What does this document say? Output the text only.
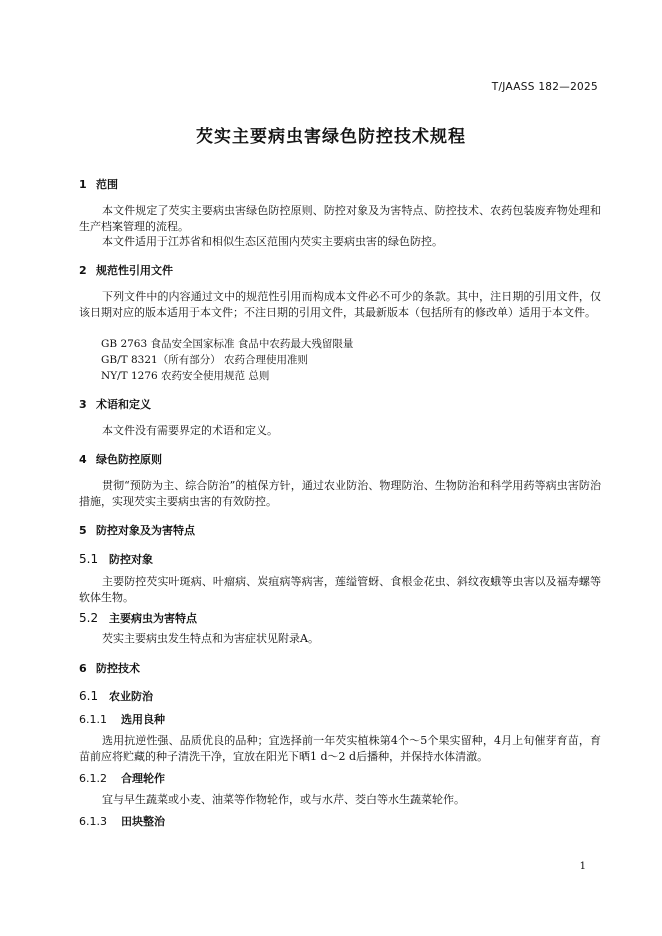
T/JAASS 182—2025
芡实主要病虫害绿色防控技术规程
1 范围
本文件规定了芡实主要病虫害绿色防控原则、防控对象及为害特点、防控技术、农药包装废弃物处理和生产档案管理的流程。
本文件适用于江苏省和相似生态区范围内芡实主要病虫害的绿色防控。
2 规范性引用文件
下列文件中的内容通过文中的规范性引用而构成本文件必不可少的条款。其中，注日期的引用文件，仅该日期对应的版本适用于本文件；不注日期的引用文件，其最新版本（包括所有的修改单）适用于本文件。
GB 2763 食品安全国家标准 食品中农药最大残留限量
GB/T 8321（所有部分） 农药合理使用准则
NY/T 1276 农药安全使用规范 总则
3 术语和定义
本文件没有需要界定的术语和定义。
4 绿色防控原则
贯彻“预防为主、综合防治”的植保方针，通过农业防治、物理防治、生物防治和科学用药等病虫害防治措施，实现芡实主要病虫害的有效防控。
5 防控对象及为害特点
5.1 防控对象
主要防控芡实叶斑病、叶瘤病、炭疽病等病害，莲缢管蚜、食根金花虫、斜纹夜蛾等虫害以及福寿螺等软体生物。
5.2 主要病虫为害特点
芡实主要病虫发生特点和为害症状见附录A。
6 防控技术
6.1 农业防治
6.1.1 选用良种
选用抗逆性强、品质优良的品种；宜选择前一年芡实植株第4个～5个果实留种，4月上旬催芽育苗，育苗前应将贮藏的种子清洗干净，宜放在阳光下晒1 d～2 d后播种，并保持水体清澈。
6.1.2 合理轮作
宜与早生蔬菜或小麦、油菜等作物轮作，或与水芹、茭白等水生蔬菜轮作。
6.1.3 田块整治
1
